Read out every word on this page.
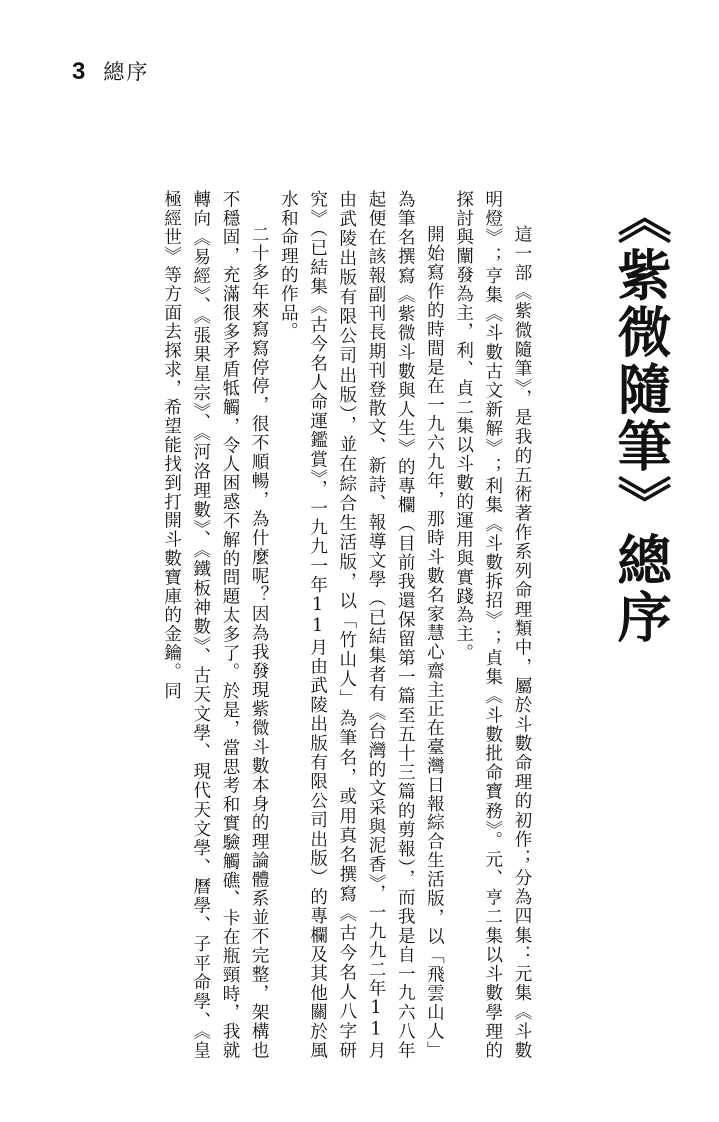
3 總序
《紫微隨筆》總序

這一部《紫微隨筆》，是我的五術著作系列命理類中，屬於斗數命理的初作；分為四集：元集《斗數明燈》；亨集《斗數古文新解》；利集《斗數拆招》；貞集《斗數批命寶務》。元、亨二集以斗數學理的探討與闡發為主，利、貞二集以斗數的運用與實踐為主。

開始寫作的時間是在一九六九年，那時斗數名家慧心齋主正在臺灣日報綜合生活版，以「飛雲山人」為筆名撰寫《紫微斗數與人生》的專欄（目前我還保留第一篇至五十三篇的剪報），而我是自一九六八年起便在該報副刊長期刊登散文、新詩、報導文學（已結集者有《台灣的文采與泥香》，一九九二年11月由武陵出版有限公司出版），並在綜合生活版，以「竹山人」為筆名，或用真名撰寫《古今名人八字研究》（已結集《古今名人命運鑑賞》，一九九一年11月由武陵出版有限公司出版）的專欄及其他關於風水和命理的作品。

二十多年來寫寫停停，很不順暢，為什麼呢？因為我發現紫微斗數本身的理論體系並不完整，架構也不穩固，充滿很多矛盾牴觸，令人困惑不解的問題太多了。於是，當思考和實驗觸礁、卡在瓶頸時，我就轉向《易經》、《張果星宗》、《河洛理數》、《鐵板神數》、古天文學、現代天文學、曆學、子平命學、《皇極經世》等方面去探求，希望能找到打開斗數寶庫的金鑰。同
